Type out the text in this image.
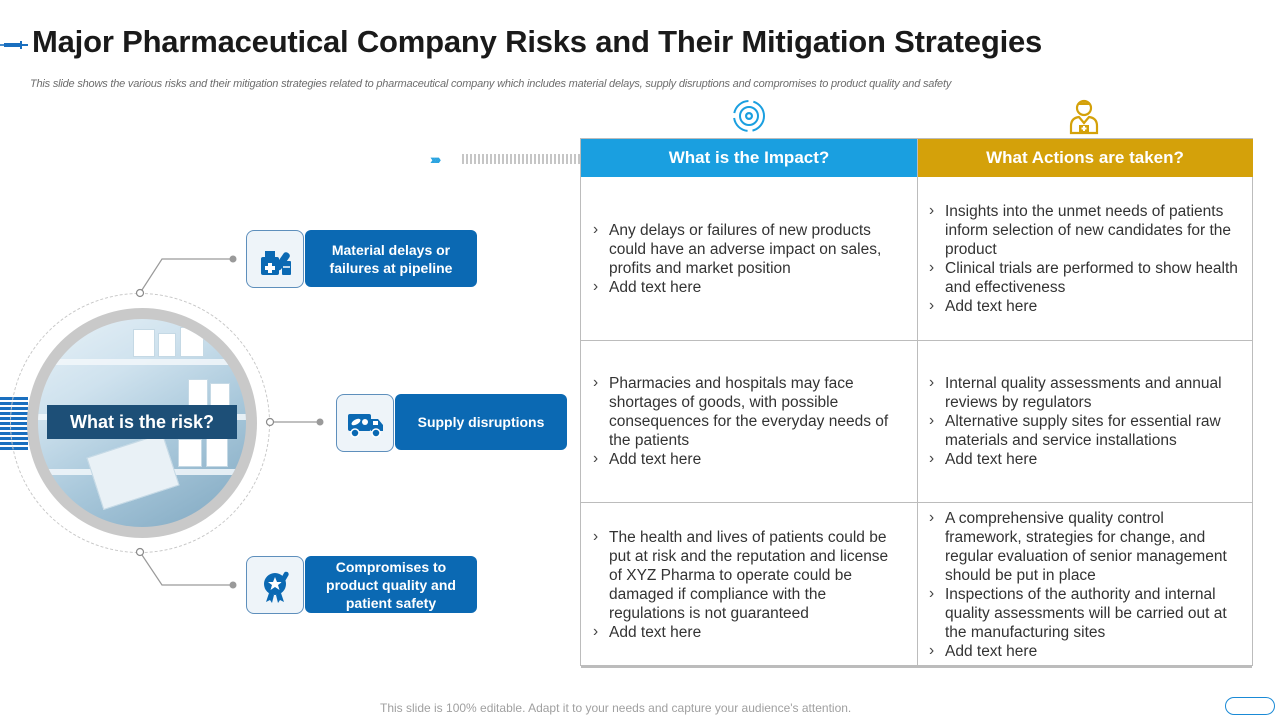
Major Pharmaceutical Company Risks and Their Mitigation Strategies
This slide shows the various risks and their mitigation strategies related to pharmaceutical company which includes material delays, supply disruptions and compromises to product quality and safety
What is the risk?
Material delays or failures at pipeline
Supply disruptions
Compromises to product quality and patient safety
›››››	What is the Impact?	What Actions are taken?
› Any delays or failures of new products could have an adverse impact on sales, profits and market position
› Add text here
› Insights into the unmet needs of patients inform selection of new candidates for the product
› Clinical trials are performed to show health and effectiveness
› Add text here
› Pharmacies and hospitals may face shortages of goods, with possible consequences for the everyday needs of the patients
› Add text here
› Internal quality assessments and annual reviews by regulators
› Alternative supply sites for essential raw materials and service installations
› Add text here
› The health and lives of patients could be put at risk and the reputation and license of XYZ Pharma to operate could be damaged if compliance with the regulations is not guaranteed
› Add text here
› A comprehensive quality control framework, strategies for change, and regular evaluation of senior management should be put in place
› Inspections of the authority and internal quality assessments will be carried out at the manufacturing sites
› Add text here
This slide is 100% editable. Adapt it to your needs and capture your audience's attention.
